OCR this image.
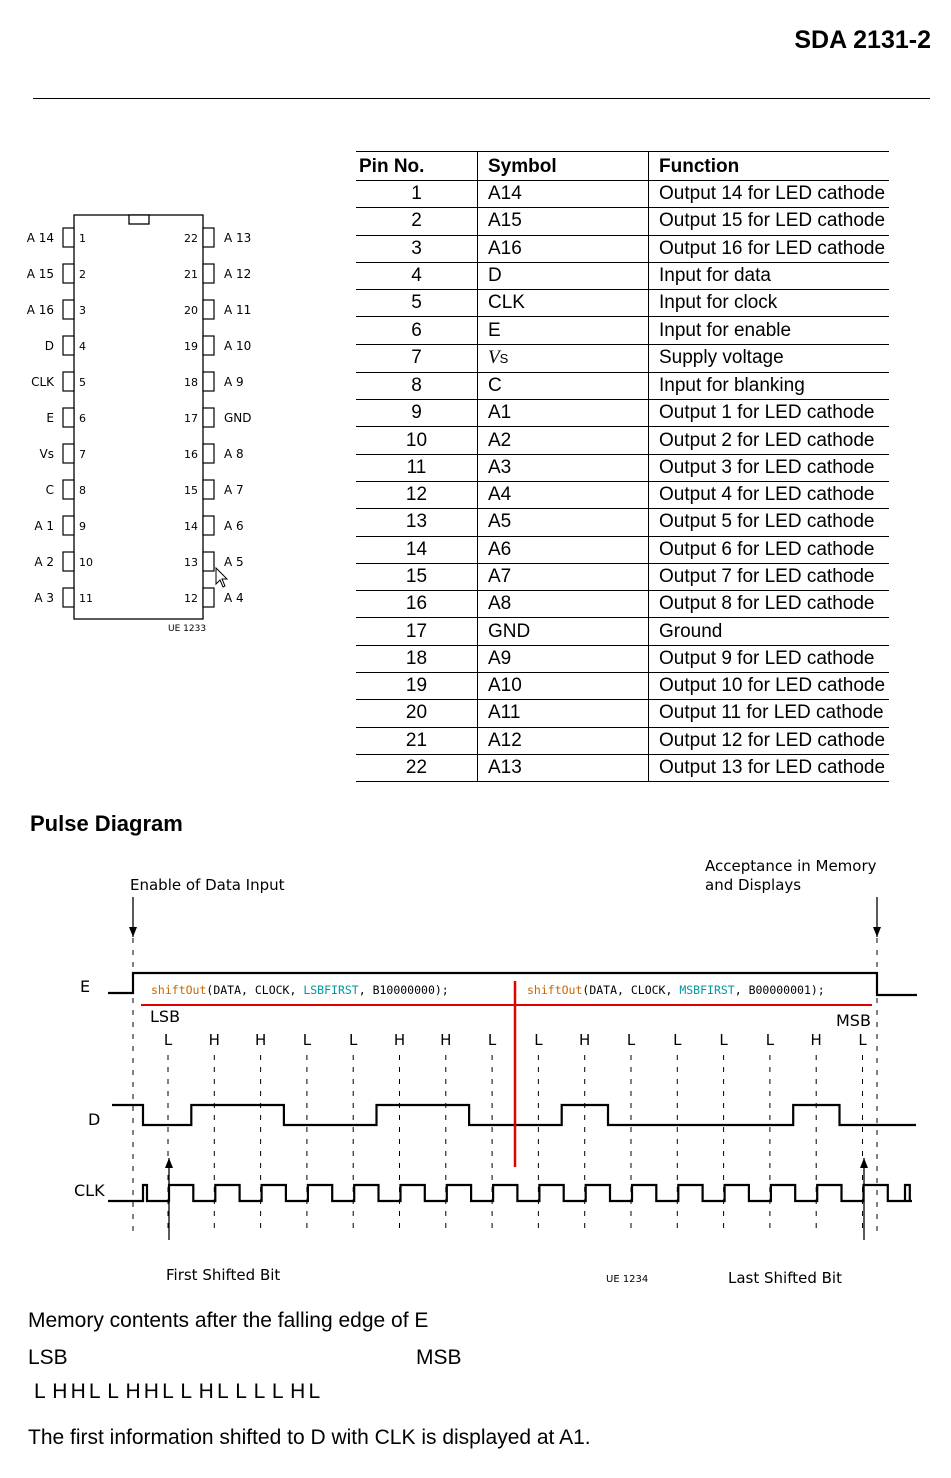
SDA 2131-2
A 14 1
A 15 2
A 16 3
D 4
CLK 5
E 6
Vs 7
C 8
A 1 9
A 2 10
A 3 11
A 13
22
A 12
21
A 11
20
A 10
19
A 9
18
GND
17
A 8
16
A 7
15
A 6
14
A 5
13
A 4
12
UE 1233
Pin No.	Symbol	Function
1	A14	Output 14 for LED cathode
2	A15	Output 15 for LED cathode
3	A16	Output 16 for LED cathode
4	D	Input for data
5	CLK	Input for clock
6	E	Input for enable
7	VS	Supply voltage
8	C	Input for blanking
9	A1	Output 1 for LED cathode
10	A2	Output 2 for LED cathode
11	A3	Output 3 for LED cathode
12	A4	Output 4 for LED cathode
13	A5	Output 5 for LED cathode
14	A6	Output 6 for LED cathode
15	A7	Output 7 for LED cathode
16	A8	Output 8 for LED cathode
17	GND	Ground
18	A9	Output 9 for LED cathode
19	A10	Output 10 for LED cathode
20	A11	Output 11 for LED cathode
21	A12	Output 12 for LED cathode
22	A13	Output 13 for LED cathode
Pulse Diagram
Enable of Data Input
Acceptance in Memory
and Displays
E
D
CLK
L H H L	L H H L	L H L	L	L	L H L
LSB	MSB
shiftOut(DATA, CLOCK, LSBFIRST, B10000000);	shiftOut(DATA, CLOCK, MSBFIRST, B00000001);
First Shifted Bit	Last Shifted Bit
UE 1234
Memory contents after the falling edge of E
LSB	MSB
L H H L L H H L L H L L L L H L
The first information shifted to D with CLK is displayed at A1.
